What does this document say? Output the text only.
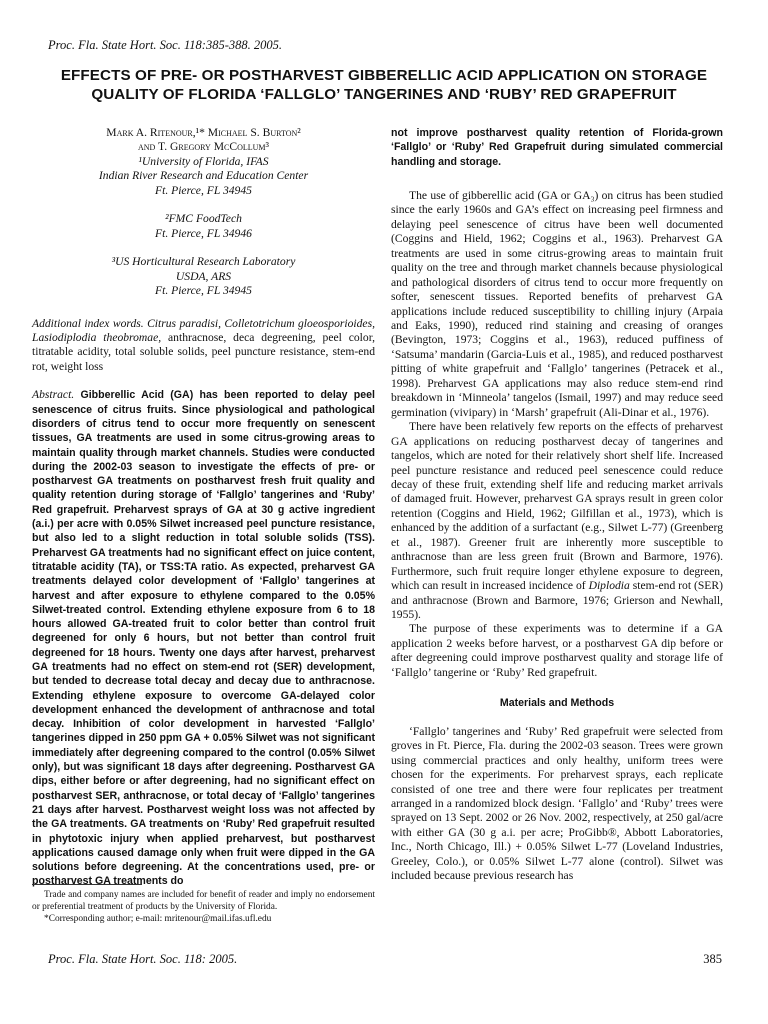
Proc. Fla. State Hort. Soc. 118:385-388. 2005.
EFFECTS OF PRE- OR POSTHARVEST GIBBERELLIC ACID APPLICATION ON STORAGE QUALITY OF FLORIDA ‘FALLGLO’ TANGERINES AND ‘RUBY’ RED GRAPEFRUIT
Mark A. Ritenour,¹* Michael S. Burton²
and T. Gregory McCollum³
¹University of Florida, IFAS
Indian River Research and Education Center
Ft. Pierce, FL 34945
²FMC FoodTech
Ft. Pierce, FL 34946
³US Horticultural Research Laboratory
USDA, ARS
Ft. Pierce, FL 34945
Additional index words. Citrus paradisi, Colletotrichum gloeosporioides, Lasiodiplodia theobromae, anthracnose, deca degreening, peel color, titratable acidity, total soluble solids, peel puncture resistance, stem-end rot, weight loss
Abstract. Gibberellic Acid (GA) has been reported to delay peel senescence of citrus fruits. Since physiological and pathological disorders of citrus tend to occur more frequently on senescent tissues, GA treatments are used in some citrus-growing areas to maintain quality through market channels. Studies were conducted during the 2002-03 season to investigate the effects of pre- or postharvest GA treatments on postharvest fresh fruit quality and quality retention during storage of ‘Fallglo’ tangerines and ‘Ruby’ Red grapefruit. Preharvest sprays of GA at 30 g active ingredient (a.i.) per acre with 0.05% Silwet increased peel puncture resistance, but also led to a slight reduction in total soluble solids (TSS). Preharvest GA treatments had no significant effect on juice content, titratable acidity (TA), or TSS:TA ratio. As expected, preharvest GA treatments delayed color development of ‘Fallglo’ tangerines at harvest and after exposure to ethylene compared to the 0.05% Silwet-treated control. Extending ethylene exposure from 6 to 18 hours allowed GA-treated fruit to color better than control fruit degreened for only 6 hours, but not better than control fruit degreened for 18 hours. Twenty one days after harvest, preharvest GA treatments had no effect on stem-end rot (SER) development, but tended to decrease total decay and decay due to anthracnose. Extending ethylene exposure to overcome GA-delayed color development enhanced the development of anthracnose and total decay. Inhibition of color development in harvested ‘Fallglo’ tangerines dipped in 250 ppm GA + 0.05% Silwet was not significant immediately after degreening compared to the control (0.05% Silwet only), but was significant 18 days after degreening. Postharvest GA dips, either before or after degreening, had no significant effect on postharvest SER, anthracnose, or total decay of ‘Fallglo’ tangerines 21 days after harvest. Postharvest weight loss was not affected by the GA treatments. GA treatments on ‘Ruby’ Red grapefruit resulted in phytotoxic injury when applied preharvest, but postharvest applications caused damage only when fruit were dipped in the GA solutions before degreening. At the concentrations used, pre- or postharvest GA treatments do

Trade and company names are included for benefit of reader and imply no endorsement or preferential treatment of products by the University of Florida.

*Corresponding author; e-mail: mritenour@mail.ifas.ufl.edu

not improve postharvest quality retention of Florida-grown ‘Fallglo’ or ‘Ruby’ Red Grapefruit during simulated commercial handling and storage.

The use of gibberellic acid (GA or GA₃) on citrus has been studied since the early 1960s and GA’s effect on increasing peel firmness and delaying peel senescence of citrus have been well documented (Coggins and Hield, 1962; Coggins et al., 1963). Preharvest GA treatments are used in some citrus-growing areas to maintain fruit quality on the tree and through market channels because physiological and pathological disorders of citrus tend to occur more frequently on softer, senescent tissues. Reported benefits of preharvest GA applications include reduced susceptibility to chilling injury (Arpaia and Eaks, 1990), reduced rind staining and creasing of oranges (Bevington, 1973; Coggins et al., 1963), reduced puffiness of ‘Satsuma’ mandarin (Garcia-Luis et al., 1985), and reduced postharvest pitting of white grapefruit and ‘Fallglo’ tangerines (Petracek et al., 1998). Preharvest GA applications may also reduce stem-end rind breakdown in ‘Minneola’ tangelos (Ismail, 1997) and may reduce seed germination (vivipary) in ‘Marsh’ grapefruit (Ali-Dinar et al., 1976).

There have been relatively few reports on the effects of preharvest GA applications on reducing postharvest decay of tangerines and tangelos, which are noted for their relatively short shelf life. Increased peel puncture resistance and reduced peel senescence could reduce decay of these fruit, extending shelf life and reducing market arrivals of damaged fruit. However, preharvest GA sprays result in green color retention (Coggins and Hield, 1962; Gilfillan et al., 1973), which is enhanced by the addition of a surfactant (e.g., Silwet L-77) (Greenberg et al., 1987). Greener fruit are inherently more susceptible to anthracnose than are less green fruit (Brown and Barmore, 1976). Furthermore, such fruit require longer ethylene exposure to degreen, which can result in increased incidence of Diplodia stem-end rot (SER) and anthracnose (Brown and Barmore, 1976; Grierson and Newhall, 1955).

The purpose of these experiments was to determine if a GA application 2 weeks before harvest, or a postharvest GA dip before or after degreening could improve postharvest quality and storage life of ‘Fallglo’ tangerine or ‘Ruby’ Red grapefruit.

Materials and Methods

‘Fallglo’ tangerines and ‘Ruby’ Red grapefruit were selected from groves in Ft. Pierce, Fla. during the 2002-03 season. Trees were grown using commercial practices and only healthy, uniform trees were chosen for the experiments. For preharvest sprays, each replicate consisted of one tree and there were four replicates per treatment arranged in a randomized block design. ‘Fallglo’ and ‘Ruby’ trees were sprayed on 13 Sept. 2002 or 26 Nov. 2002, respectively, at 250 gal/acre with either GA (30 g a.i. per acre; ProGibb®, Abbott Laboratories, Inc., North Chicago, Ill.) + 0.05% Silwet L-77 (Loveland Industries, Greeley, Colo.), or 0.05% Silwet L-77 alone (control). Silwet was included because previous research has

Proc. Fla. State Hort. Soc. 118: 2005.	385
